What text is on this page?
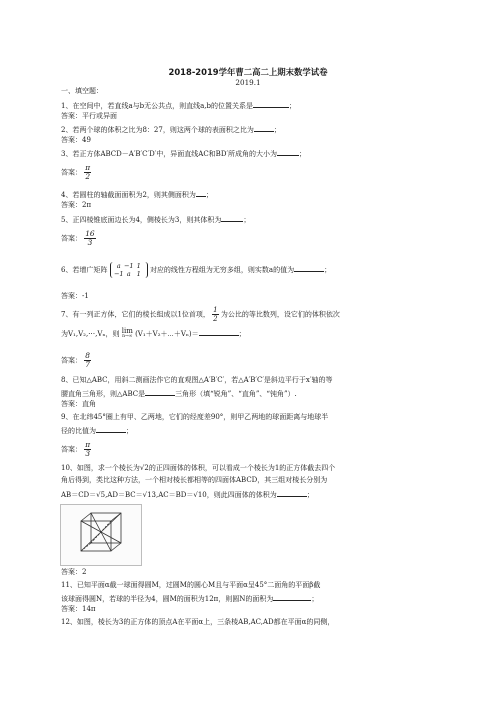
2018-2019学年曹二高二上期末数学试卷
2019.1
一、填空题：
1、在空间中，若直线a与b无公共点，则直线a,b的位置关系是	；
答案：平行或异面
2、若两个球的体积之比为8：27，则这两个球的表面积之比为	；
答案：49
3、若正方体ABCD－A′B′C′D′中，异面直线AC和BD′所成角的大小为	；
答案： $\frac{\pi}{2}$
4、若圆柱的轴截面面积为2，则其侧面积为 ；
答案：2π
5、正四棱锥底面边长为4，侧棱长为3，则其体积为	；
答案： $\frac{16}{3}$
6、若增广矩阵 a −1 1
−1 a 1 对应的线性方程组为无穷多组，则实数a的值为	；
答案：-1
7、有一列正方体，它们的棱长组成以1位首项， $\frac{1}{2}$ 为公比的等比数列，设它们的体积依次
为V₁,V₂,⋯,Vₙ，则 lim
n→∞ (V₁＋V₂＋⋯＋Vₙ)＝	；
答案： $\frac{8}{7}$
8、已知△ABC，用斜二测画法作它的直观图△A′B′C′，若△A′B′C′是斜边平行于x′轴的等
腰直角三角形，则△ABC是	三角形（填“锐角”、“直角”、“钝角”）.
答案：直角
9、在北纬45°圈上有甲、乙两地，它们的经度差90°，则甲乙两地的球面距离与地球半
径的比值为	；
答案： $\frac{\pi}{3}$
10、如图，求一个棱长为√2的正四面体的体积，可以看成一个棱长为1的正方体截去四个
角后得到，类比这种方法，一个相对棱长都相等的四面体ABCD，其三组对棱长分别为
AB＝CD＝√5,AD＝BC＝√13,AC＝BD＝√10，则此四面体的体积为	；
答案：2
11、已知平面α截一球面得圆M，过圆M的圆心M且与平面α呈45°二面角的平面β截
该球面得圆N，若球的半径为4，圆M的面积为12π，则圆N的面积为	；
答案：14π
12、如图，棱长为3的正方体的顶点A在平面α上，三条棱AB,AC,AD都在平面α的同侧，
